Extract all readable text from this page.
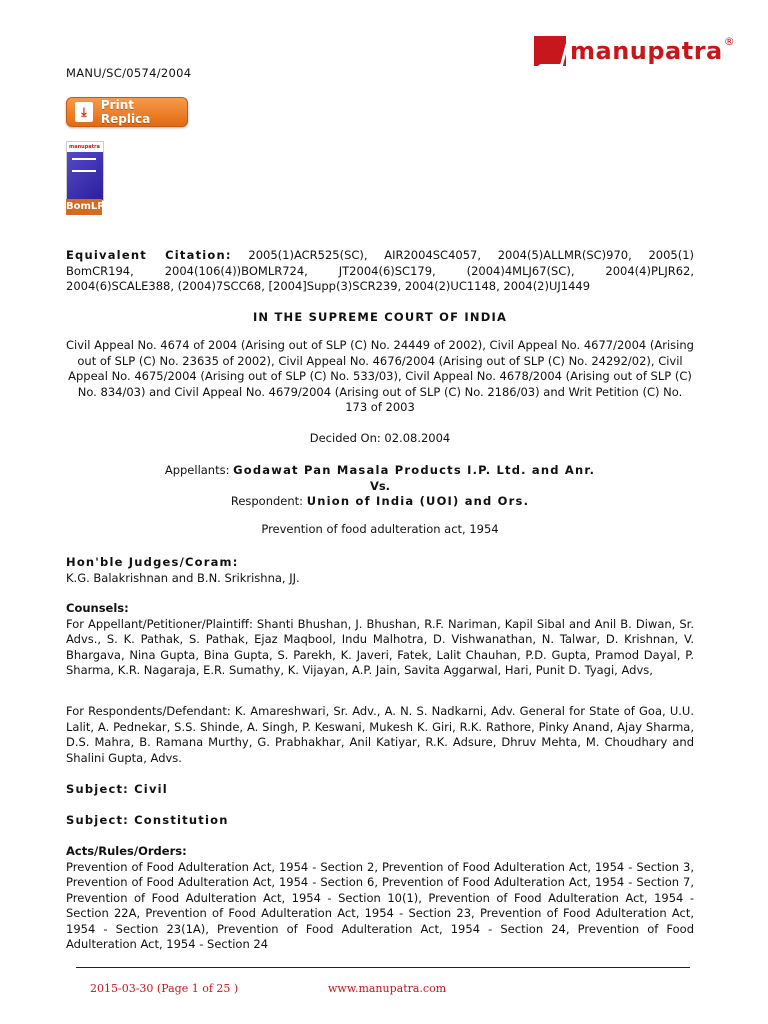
MANU/SC/0574/2004
manupatra ®
⤓	Print Replica
manupatra
BomLR
Equivalent Citation: 2005(1)ACR525(SC), AIR2004SC4057, 2004(5)ALLMR(SC)970, 2005(1) BomCR194, 2004(106(4))BOMLR724, JT2004(6)SC179, (2004)4MLJ67(SC), 2004(4)PLJR62, 2004(6)SCALE388, (2004)7SCC68, [2004]Supp(3)SCR239, 2004(2)UC1148, 2004(2)UJ1449
IN THE SUPREME COURT OF INDIA
Civil Appeal No. 4674 of 2004 (Arising out of SLP (C) No. 24449 of 2002), Civil Appeal No. 4677/2004 (Arising out of SLP (C) No. 23635 of 2002), Civil Appeal No. 4676/2004 (Arising out of SLP (C) No. 24292/02), Civil Appeal No. 4675/2004 (Arising out of SLP (C) No. 533/03), Civil Appeal No. 4678/2004 (Arising out of SLP (C) No. 834/03) and Civil Appeal No. 4679/2004 (Arising out of SLP (C) No. 2186/03) and Writ Petition (C) No. 173 of 2003
Decided On: 02.08.2004
Appellants: Godawat Pan Masala Products I.P. Ltd. and Anr.
Vs.
Respondent: Union of India (UOI) and Ors.
Prevention of food adulteration act, 1954
Hon'ble Judges/Coram:
K.G. Balakrishnan and B.N. Srikrishna, JJ.
Counsels:
For Appellant/Petitioner/Plaintiff: Shanti Bhushan, J. Bhushan, R.F. Nariman, Kapil Sibal and Anil B. Diwan, Sr. Advs., S. K. Pathak, S. Pathak, Ejaz Maqbool, Indu Malhotra, D. Vishwanathan, N. Talwar, D. Krishnan, V. Bhargava, Nina Gupta, Bina Gupta, S. Parekh, K. Javeri, Fatek, Lalit Chauhan, P.D. Gupta, Pramod Dayal, P. Sharma, K.R. Nagaraja, E.R. Sumathy, K. Vijayan, A.P. Jain, Savita Aggarwal, Hari, Punit D. Tyagi, Advs,
For Respondents/Defendant: K. Amareshwari, Sr. Adv., A. N. S. Nadkarni, Adv. General for State of Goa, U.U. Lalit, A. Pednekar, S.S. Shinde, A. Singh, P. Keswani, Mukesh K. Giri, R.K. Rathore, Pinky Anand, Ajay Sharma, D.S. Mahra, B. Ramana Murthy, G. Prabhakhar, Anil Katiyar, R.K. Adsure, Dhruv Mehta, M. Choudhary and Shalini Gupta, Advs.
Subject: Civil
Subject: Constitution
Acts/Rules/Orders:
Prevention of Food Adulteration Act, 1954 - Section 2, Prevention of Food Adulteration Act, 1954 - Section 3, Prevention of Food Adulteration Act, 1954 - Section 6, Prevention of Food Adulteration Act, 1954 - Section 7, Prevention of Food Adulteration Act, 1954 - Section 10(1), Prevention of Food Adulteration Act, 1954 - Section 22A, Prevention of Food Adulteration Act, 1954 - Section 23, Prevention of Food Adulteration Act, 1954 - Section 23(1A), Prevention of Food Adulteration Act, 1954 - Section 24, Prevention of Food Adulteration Act, 1954 - Section 24
2015-03-30 (Page 1 of 25 )	www.manupatra.com
